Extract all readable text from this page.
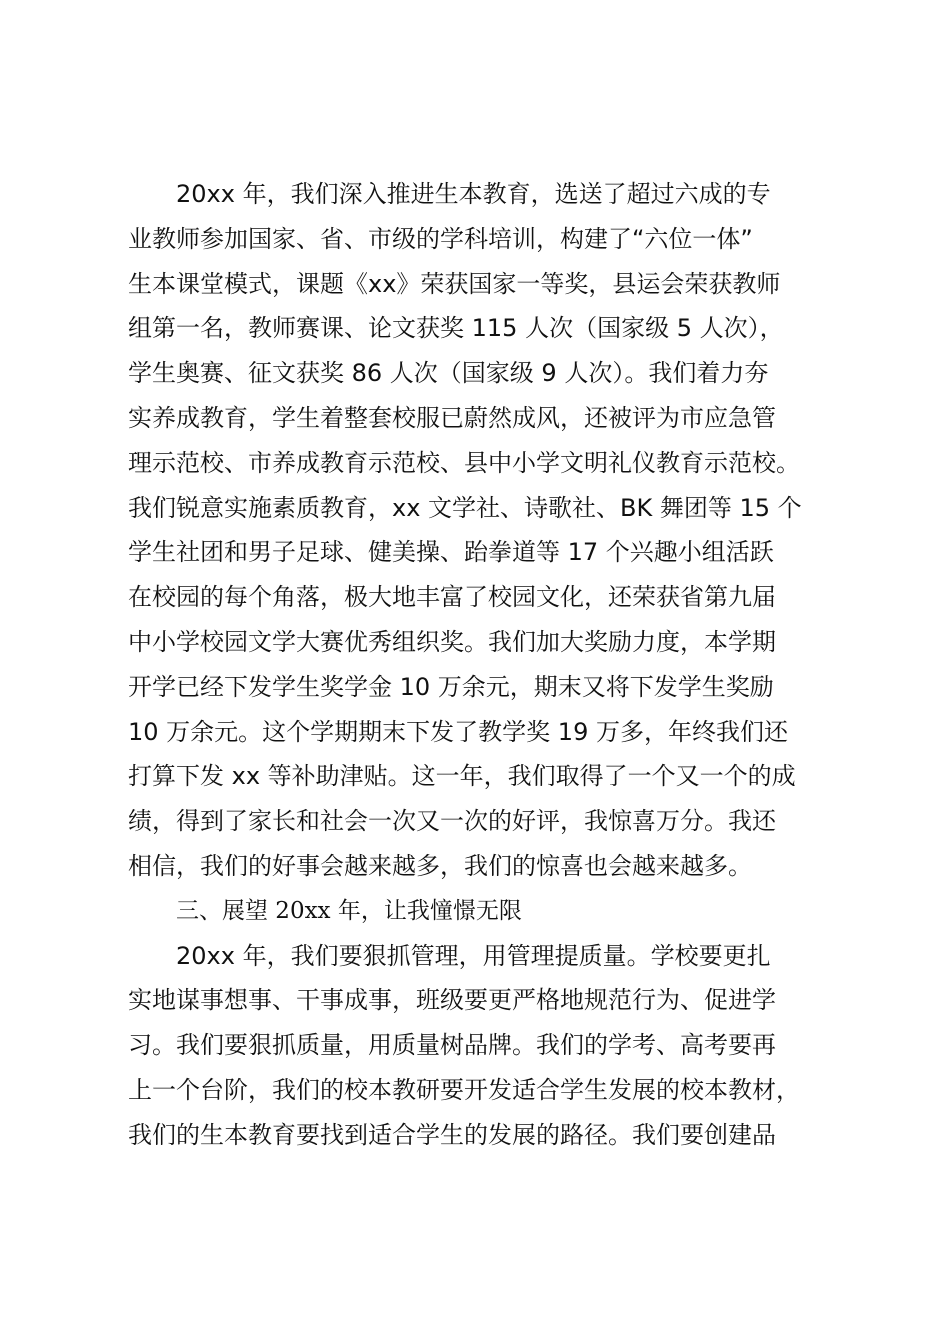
20xx 年，我们深入推进生本教育，选送了超过六成的专
业教师参加国家、省、市级的学科培训，构建了“六位一体”
生本课堂模式，课题《xx》荣获国家一等奖，县运会荣获教师
组第一名，教师赛课、论文获奖 115 人次（国家级 5 人次），
学生奥赛、征文获奖 86 人次（国家级 9 人次）。我们着力夯
实养成教育，学生着整套校服已蔚然成风，还被评为市应急管
理示范校、市养成教育示范校、县中小学文明礼仪教育示范校。
我们锐意实施素质教育，xx 文学社、诗歌社、BK 舞团等 15 个
学生社团和男子足球、健美操、跆拳道等 17 个兴趣小组活跃
在校园的每个角落，极大地丰富了校园文化，还荣获省第九届
中小学校园文学大赛优秀组织奖。我们加大奖励力度，本学期
开学已经下发学生奖学金 10 万余元，期末又将下发学生奖励
10 万余元。这个学期期末下发了教学奖 19 万多，年终我们还
打算下发 xx 等补助津贴。这一年，我们取得了一个又一个的成
绩，得到了家长和社会一次又一次的好评，我惊喜万分。我还
相信，我们的好事会越来越多，我们的惊喜也会越来越多。
三、展望 20xx 年，让我憧憬无限
20xx 年，我们要狠抓管理，用管理提质量。学校要更扎
实地谋事想事、干事成事，班级要更严格地规范行为、促进学
习。我们要狠抓质量，用质量树品牌。我们的学考、高考要再
上一个台阶，我们的校本教研要开发适合学生发展的校本教材，
我们的生本教育要找到适合学生的发展的路径。我们要创建品
